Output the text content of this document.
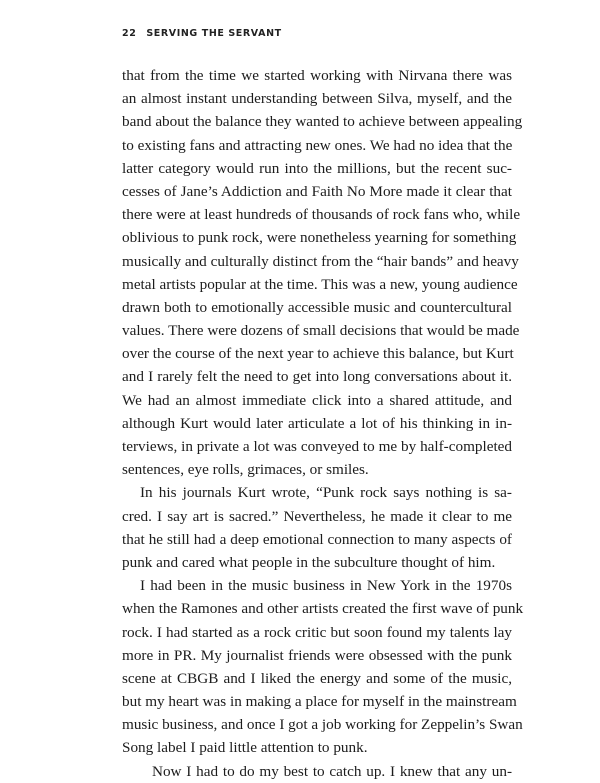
22 SERVING THE SERVANT
that from the time we started working with Nirvana there was
an almost instant understanding between Silva, myself, and the
band about the balance they wanted to achieve between appealing
to existing fans and attracting new ones. We had no idea that the
latter category would run into the millions, but the recent suc-
cesses of Jane’s Addiction and Faith No More made it clear that
there were at least hundreds of thousands of rock fans who, while
oblivious to punk rock, were nonetheless yearning for something
musically and culturally distinct from the “hair bands” and heavy
metal artists popular at the time. This was a new, young audience
drawn both to emotionally accessible music and countercultural
values. There were dozens of small decisions that would be made
over the course of the next year to achieve this balance, but Kurt
and I rarely felt the need to get into long conversations about it.
We had an almost immediate click into a shared attitude, and
although Kurt would later articulate a lot of his thinking in in-
terviews, in private a lot was conveyed to me by half-completed
sentences, eye rolls, grimaces, or smiles.
In his journals Kurt wrote, “Punk rock says nothing is sa-
cred. I say art is sacred.” Nevertheless, he made it clear to me
that he still had a deep emotional connection to many aspects of
punk and cared what people in the subculture thought of him.
I had been in the music business in New York in the 1970s
when the Ramones and other artists created the first wave of punk
rock. I had started as a rock critic but soon found my talents lay
more in PR. My journalist friends were obsessed with the punk
scene at CBGB and I liked the energy and some of the music,
but my heart was in making a place for myself in the mainstream
music business, and once I got a job working for Zeppelin’s Swan
Song label I paid little attention to punk.
Now I had to do my best to catch up. I knew that any un-
